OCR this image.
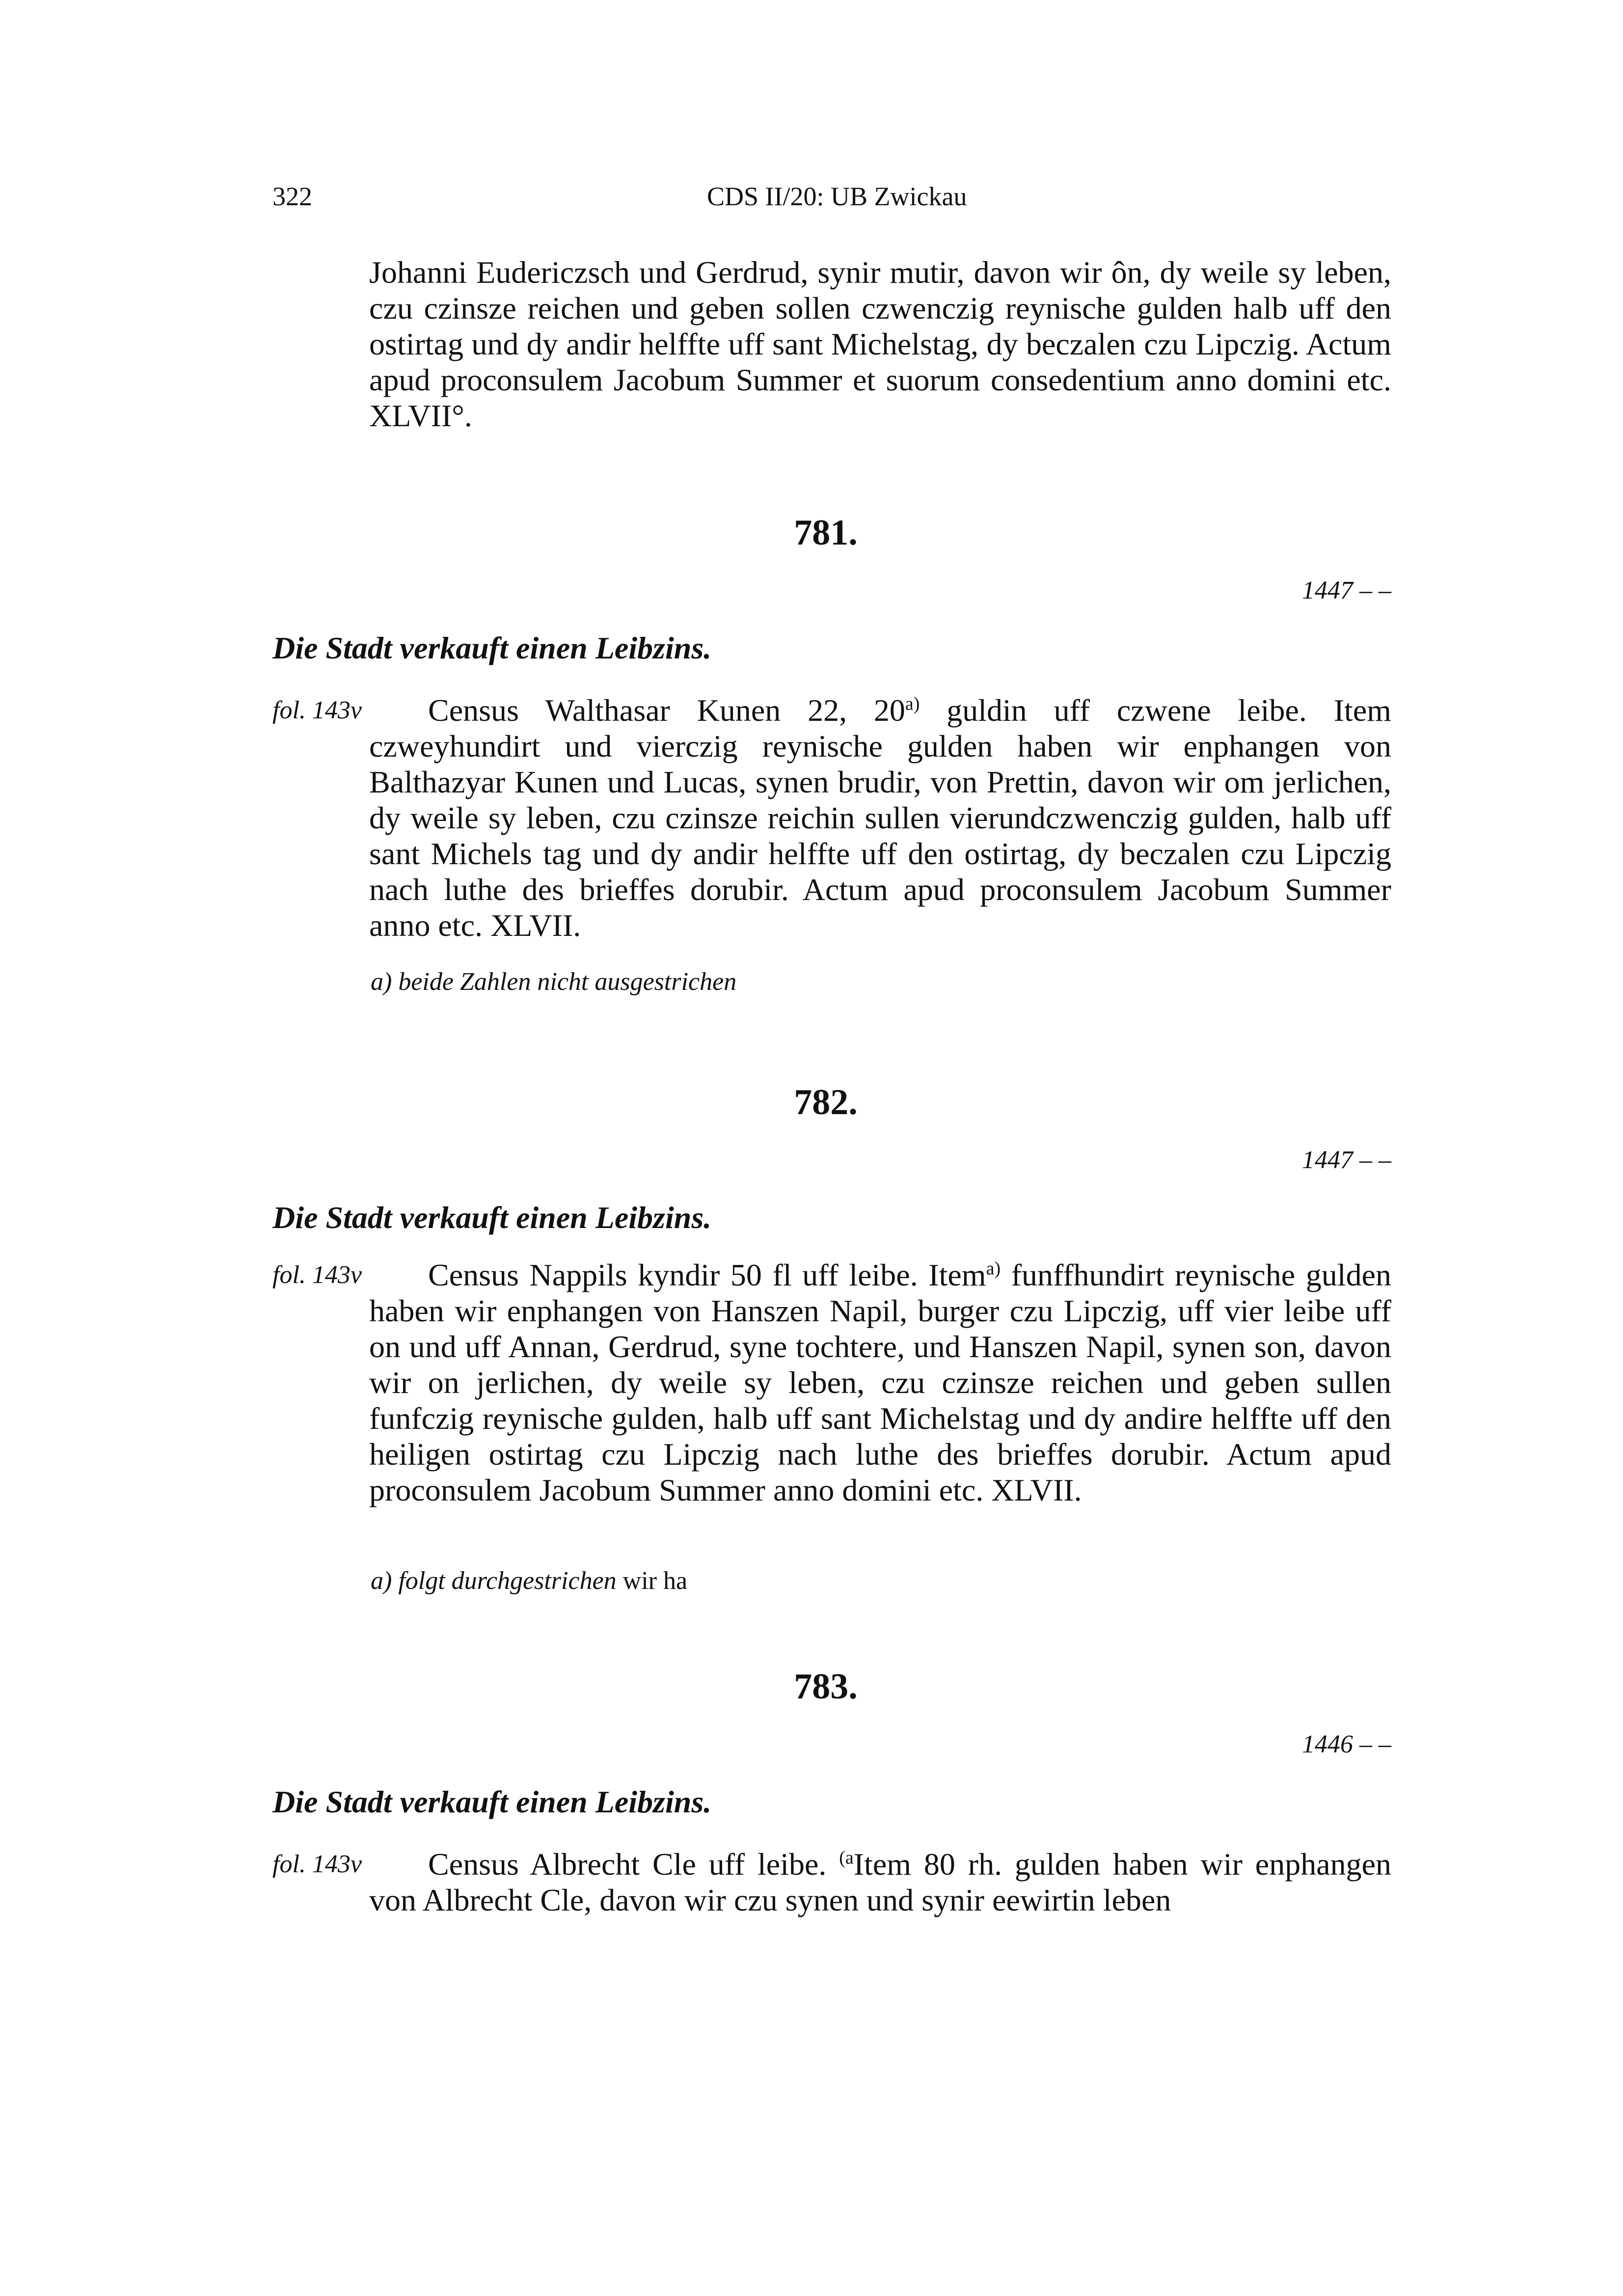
322	CDS II/20: UB Zwickau

Johanni Eudericzsch und Gerdrud, synir mutir, davon wir ôn, dy weile sy leben, czu czinsze reichen und geben sollen czwenczig reynische gulden halb uff den ostirtag und dy andir helffte uff sant Michelstag, dy beczalen czu Lipczig. Actum apud proconsulem Jacobum Summer et suorum consedentium anno domini etc. XLVII°.

781.
1447 – –
Die Stadt verkauft einen Leibzins.
fol. 143v	Census Walthasar Kunen 22, 20$^{a)}$ guldin uff czwene leibe. Item czweyhundirt und vierczig reynische gulden haben wir enphangen von Balthazyar Kunen und Lucas, synen brudir, von Prettin, davon wir om jerlichen, dy weile sy leben, czu czinsze reichin sullen vierundczwenczig gulden, halb uff sant Michels tag und dy andir helffte uff den ostirtag, dy beczalen czu Lipczig nach luthe des brieffes dorubir. Actum apud proconsulem Jacobum Summer anno etc. XLVII.
a) beide Zahlen nicht ausgestrichen
782.
1447 – –
Die Stadt verkauft einen Leibzins.
fol. 143v	Census Nappils kyndir 50 fl uff leibe. Item$^{a)}$ funffhundirt reynische gulden haben wir enphangen von Hanszen Napil, burger czu Lipczig, uff vier leibe uff on und uff Annan, Gerdrud, syne tochtere, und Hanszen Napil, synen son, davon wir on jerlichen, dy weile sy leben, czu czinsze reichen und geben sullen funfczig reynische gulden, halb uff sant Michelstag und dy andire helffte uff den heiligen ostirtag czu Lipczig nach luthe des brieffes dorubir. Actum apud proconsulem Jacobum Summer anno domini etc. XLVII.
a) folgt durchgestrichen wir ha
783.
1446 – –
Die Stadt verkauft einen Leibzins.
fol. 143v	Census Albrecht Cle uff leibe. $^{(a}$Item 80 rh. gulden haben wir enphangen von Albrecht Cle, davon wir czu synen und synir eewirtin leben
